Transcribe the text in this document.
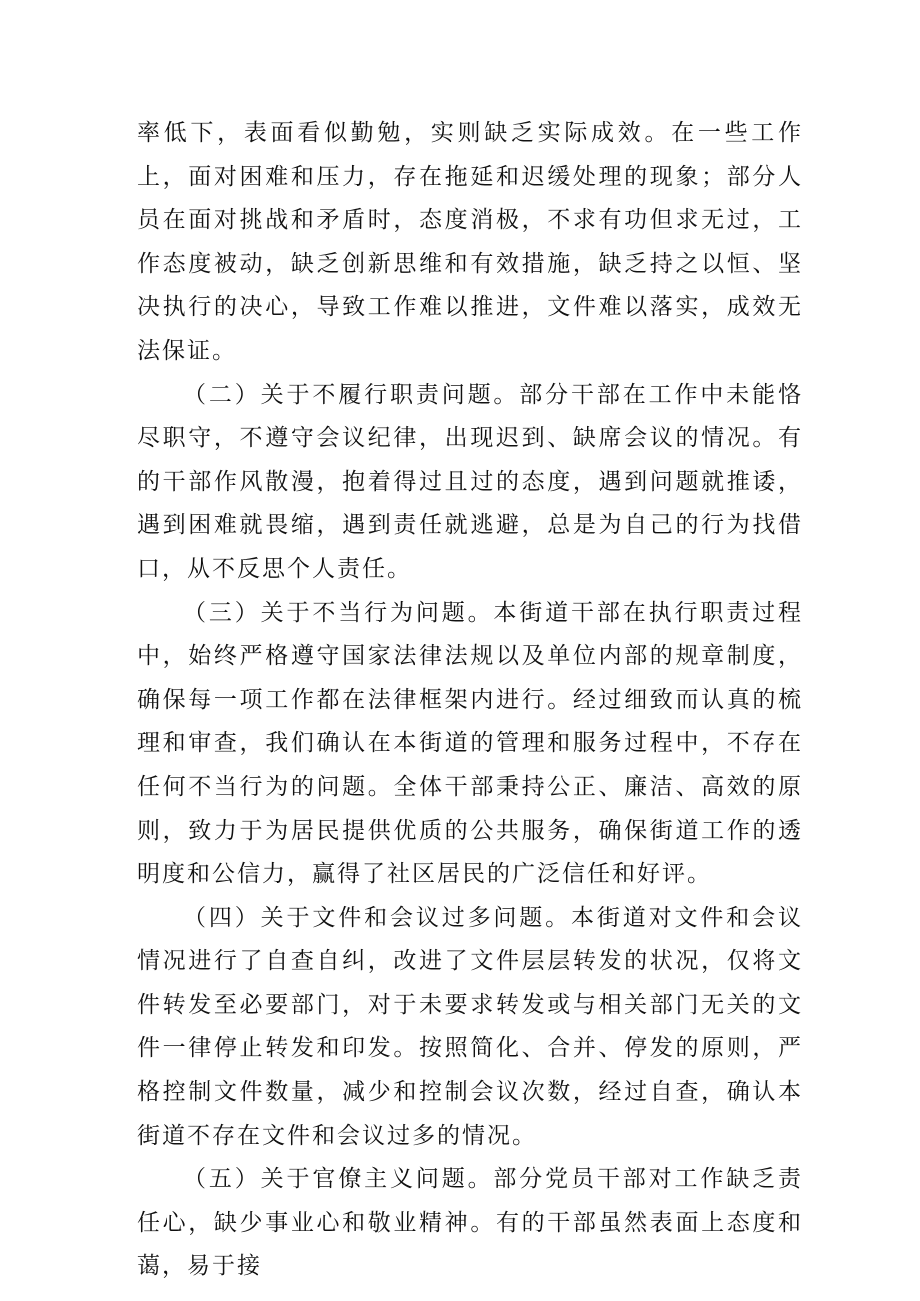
率低下，表面看似勤勉，实则缺乏实际成效。在一些工作上，面对困难和压力，存在拖延和迟缓处理的现象；部分人员在面对挑战和矛盾时，态度消极，不求有功但求无过，工作态度被动，缺乏创新思维和有效措施，缺乏持之以恒、坚决执行的决心，导致工作难以推进，文件难以落实，成效无法保证。

（二）关于不履行职责问题。部分干部在工作中未能恪尽职守，不遵守会议纪律，出现迟到、缺席会议的情况。有的干部作风散漫，抱着得过且过的态度，遇到问题就推诿，遇到困难就畏缩，遇到责任就逃避，总是为自己的行为找借口，从不反思个人责任。

（三）关于不当行为问题。本街道干部在执行职责过程中，始终严格遵守国家法律法规以及单位内部的规章制度，确保每一项工作都在法律框架内进行。经过细致而认真的梳理和审查，我们确认在本街道的管理和服务过程中，不存在任何不当行为的问题。全体干部秉持公正、廉洁、高效的原则，致力于为居民提供优质的公共服务，确保街道工作的透明度和公信力，赢得了社区居民的广泛信任和好评。

（四）关于文件和会议过多问题。本街道对文件和会议情况进行了自查自纠，改进了文件层层转发的状况，仅将文件转发至必要部门，对于未要求转发或与相关部门无关的文件一律停止转发和印发。按照简化、合并、停发的原则，严格控制文件数量，减少和控制会议次数，经过自查，确认本街道不存在文件和会议过多的情况。

（五）关于官僚主义问题。部分党员干部对工作缺乏责任心，缺少事业心和敬业精神。有的干部虽然表面上态度和蔼，易于接
